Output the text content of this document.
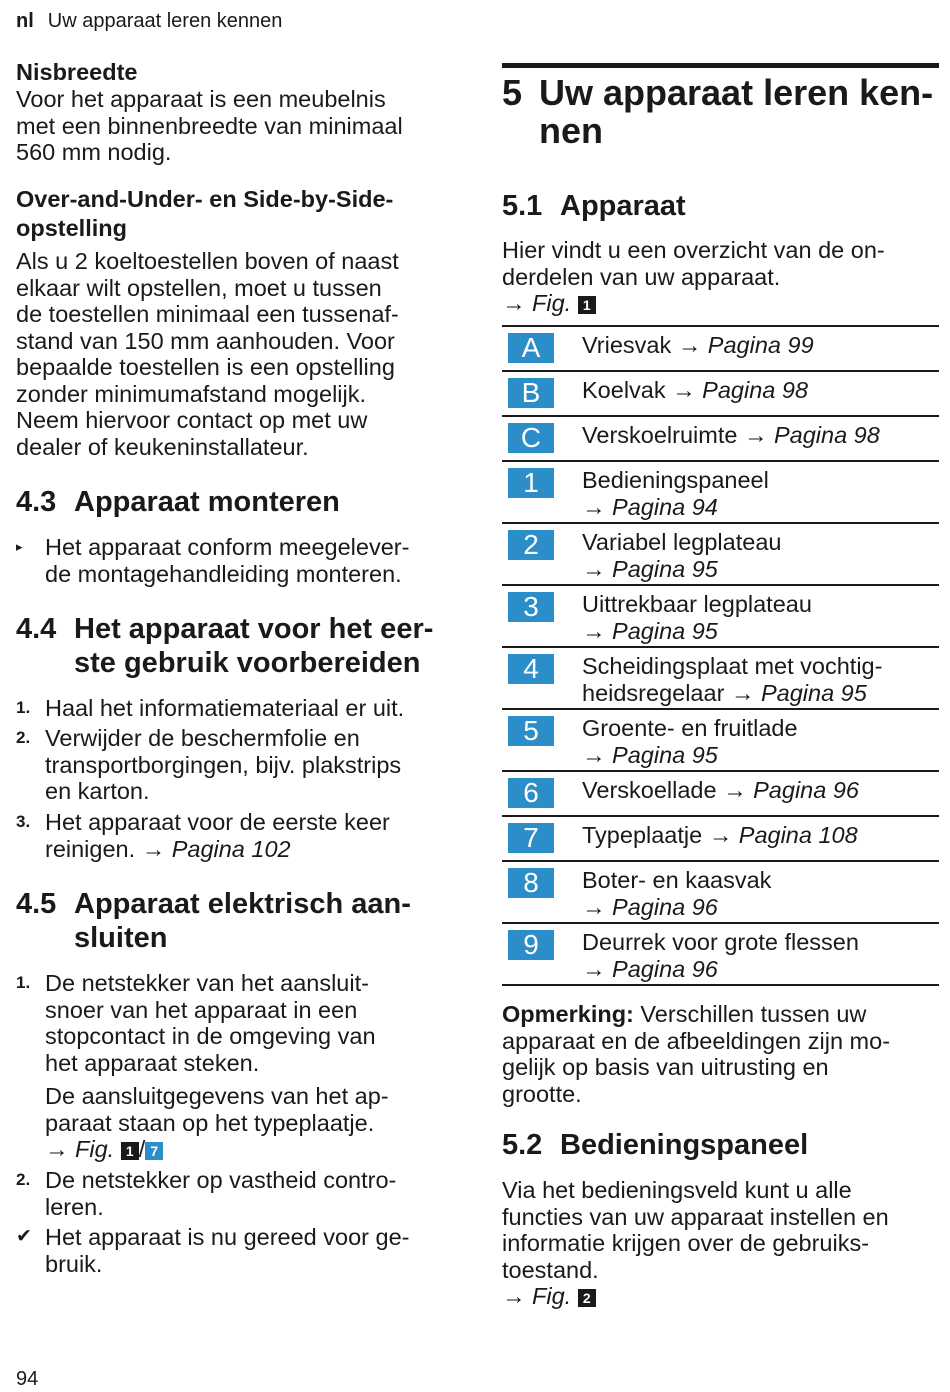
nl Uw apparaat leren kennen
Nisbreedte

Voor het apparaat is een meubelnis
met een binnenbreedte van minimaal
560 mm nodig.

Over-and-Under- en Side-by-Side-
opstelling

Als u 2 koeltoestellen boven of naast
elkaar wilt opstellen, moet u tussen
de toestellen minimaal een tussenaf-
stand van 150 mm aanhouden. Voor
bepaalde toestellen is een opstelling
zonder minimumafstand mogelijk.
Neem hiervoor contact op met uw
dealer of keukeninstallateur.

4.3 Apparaat monteren
▸ Het apparaat conform meegelever-
de montagehandleiding monteren.
4.4 Het apparaat voor het eer-
ste gebruik voorbereiden
1. Haal het informatiemateriaal er uit.
2. Verwijder de beschermfolie en
transportborgingen, bijv. plakstrips
en karton.
3. Het apparaat voor de eerste keer
reinigen. → Pagina 102
4.5 Apparaat elektrisch aan-
sluiten
1. De netstekker van het aansluit-
snoer van het apparaat in een
stopcontact in de omgeving van
het apparaat steken.
De aansluitgegevens van het ap-
paraat staan op het typeplaatje.
→ Fig. 1 / 7
2. De netstekker op vastheid contro-
leren.
✔ Het apparaat is nu gereed voor ge-
bruik.
5 Uw apparaat leren ken-
nen
5.1 Apparaat

Hier vindt u een overzicht van de on-
derdelen van uw apparaat.
→ Fig. 1

A	Vriesvak → Pagina 99
B	Koelvak → Pagina 98
C	Verskoelruimte → Pagina 98
1	Bedieningspaneel
→ Pagina 94
2	Variabel legplateau
→ Pagina 95
3	Uittrekbaar legplateau
→ Pagina 95
4	Scheidingsplaat met vochtig-
heidsregelaar → Pagina 95
5	Groente- en fruitlade
→ Pagina 95
6	Verskoellade → Pagina 96
7	Typeplaatje → Pagina 108
8	Boter- en kaasvak
→ Pagina 96
9	Deurrek voor grote flessen
→ Pagina 96

Opmerking: Verschillen tussen uw
apparaat en de afbeeldingen zijn mo-
gelijk op basis van uitrusting en
grootte.

5.2 Bedieningspaneel

Via het bedieningsveld kunt u alle
functies van uw apparaat instellen en
informatie krijgen over de gebruiks-
toestand.
→ Fig. 2

94
